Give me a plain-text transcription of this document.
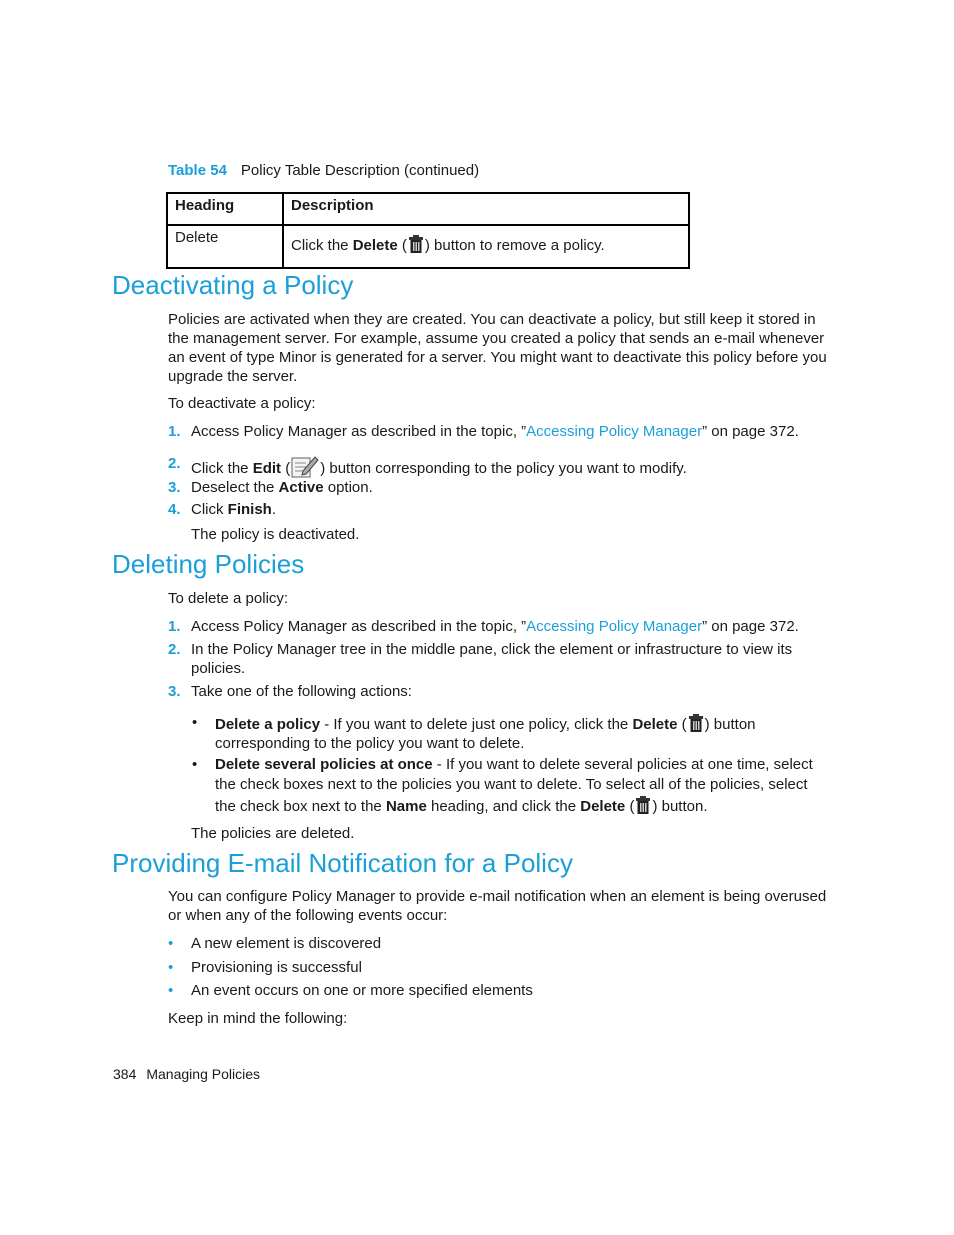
Table 54 Policy Table Description (continued)
Heading	Description
Delete	Click the Delete ( ) button to remove a policy.
Deactivating a Policy
Policies are activated when they are created. You can deactivate a policy, but still keep it stored in the management server. For example, assume you created a policy that sends an e-mail whenever an event of type Minor is generated for a server. You might want to deactivate this policy before you upgrade the server.
To deactivate a policy:
1. Access Policy Manager as described in the topic, ”Accessing Policy Manager” on page 372.
2. Click the Edit ( ) button corresponding to the policy you want to modify.
3. Deselect the Active option.
4. Click Finish.
The policy is deactivated.
Deleting Policies
To delete a policy:
1. Access Policy Manager as described in the topic, ”Accessing Policy Manager” on page 372.
2. In the Policy Manager tree in the middle pane, click the element or infrastructure to view its policies.
3. Take one of the following actions:
• Delete a policy - If you want to delete just one policy, click the Delete ( ) button corresponding to the policy you want to delete.
• Delete several policies at once - If you want to delete several policies at one time, select the check boxes next to the policies you want to delete. To select all of the policies, select the check box next to the Name heading, and click the Delete ( ) button.
The policies are deleted.
Providing E-mail Notification for a Policy
You can configure Policy Manager to provide e-mail notification when an element is being overused or when any of the following events occur:
• A new element is discovered
• Provisioning is successful
• An event occurs on one or more specified elements
Keep in mind the following:
384 Managing Policies
